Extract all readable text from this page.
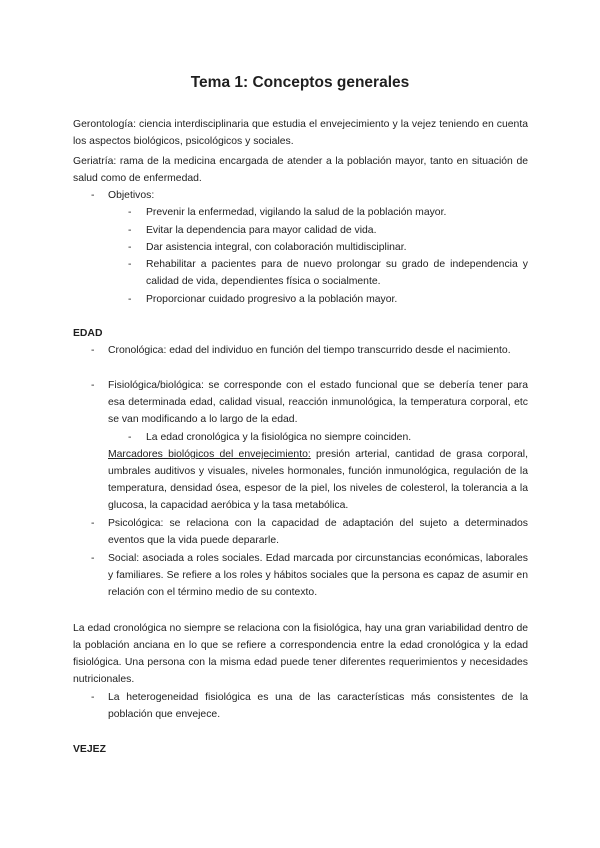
Tema 1: Conceptos generales

Gerontología: ciencia interdisciplinaria que estudia el envejecimiento y la vejez teniendo en cuenta los aspectos biológicos, psicológicos y sociales.

Geriatría: rama de la medicina encargada de atender a la población mayor, tanto en situación de salud como de enfermedad.

- Objetivos:

- Prevenir la enfermedad, vigilando la salud de la población mayor.

- Evitar la dependencia para mayor calidad de vida.

- Dar asistencia integral, con colaboración multidisciplinar.

- Rehabilitar a pacientes para de nuevo prolongar su grado de independencia y calidad de vida, dependientes física o socialmente.

- Proporcionar cuidado progresivo a la población mayor.

EDAD
- Cronológica: edad del individuo en función del tiempo transcurrido desde el nacimiento.

- Fisiológica/biológica: se corresponde con el estado funcional que se debería tener para esa determinada edad, calidad visual, reacción inmunológica, la temperatura corporal, etc se van modificando a lo largo de la edad.

- La edad cronológica y la fisiológica no siempre coinciden.

Marcadores biológicos del envejecimiento: presión arterial, cantidad de grasa corporal, umbrales auditivos y visuales, niveles hormonales, función inmunológica, regulación de la temperatura, densidad ósea, espesor de la piel, los niveles de colesterol, la tolerancia a la glucosa, la capacidad aeróbica y la tasa metabólica.

- Psicológica: se relaciona con la capacidad de adaptación del sujeto a determinados eventos que la vida puede depararle.

- Social: asociada a roles sociales. Edad marcada por circunstancias económicas, laborales y familiares. Se refiere a los roles y hábitos sociales que la persona es capaz de asumir en relación con el término medio de su contexto.

La edad cronológica no siempre se relaciona con la fisiológica, hay una gran variabilidad dentro de la población anciana en lo que se refiere a correspondencia entre la edad cronológica y la edad fisiológica. Una persona con la misma edad puede tener diferentes requerimientos y necesidades nutricionales.

- La heterogeneidad fisiológica es una de las características más consistentes de la población que envejece.

VEJEZ
